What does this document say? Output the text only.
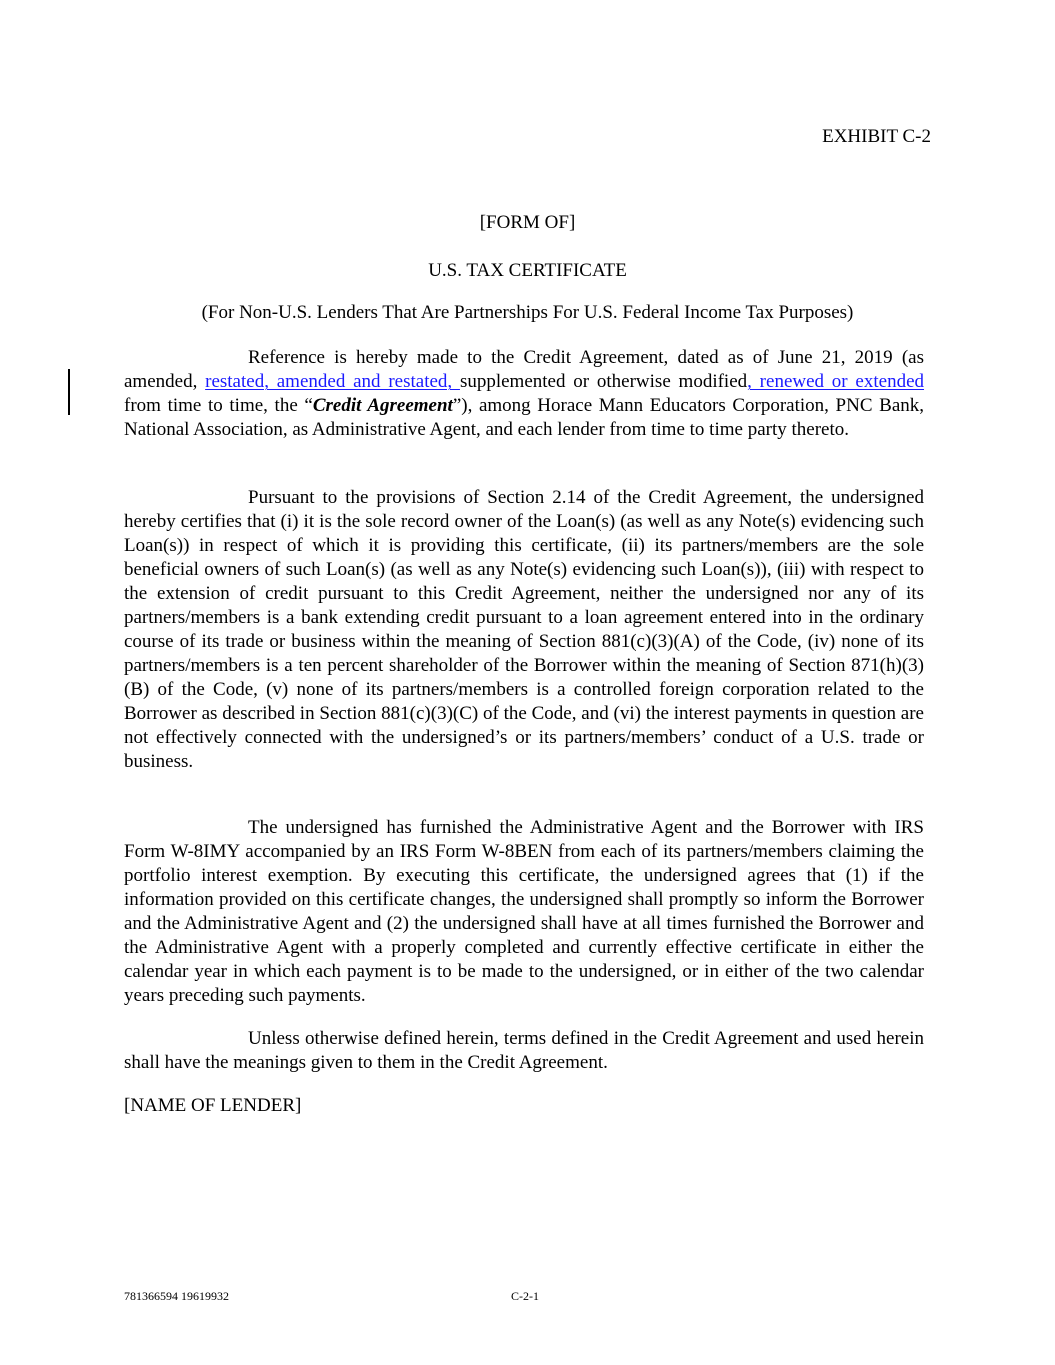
EXHIBIT C-2

[FORM OF]

U.S. TAX CERTIFICATE

(For Non-U.S. Lenders That Are Partnerships For U.S. Federal Income Tax Purposes)

Reference is hereby made to the Credit Agreement, dated as of June 21, 2019 (as amended, restated, amended and restated, supplemented or otherwise modified, renewed or extended from time to time, the “Credit Agreement”), among Horace Mann Educators Corporation, PNC Bank, National Association, as Administrative Agent, and each lender from time to time party thereto.

Pursuant to the provisions of Section 2.14 of the Credit Agreement, the undersigned hereby certifies that (i) it is the sole record owner of the Loan(s) (as well as any Note(s) evidencing such Loan(s)) in respect of which it is providing this certificate, (ii) its partners/members are the sole beneficial owners of such Loan(s) (as well as any Note(s) evidencing such Loan(s)), (iii) with respect to the extension of credit pursuant to this Credit Agreement, neither the undersigned nor any of its partners/members is a bank extending credit pursuant to a loan agreement entered into in the ordinary course of its trade or business within the meaning of Section 881(c)(3)(A) of the Code, (iv) none of its partners/members is a ten percent shareholder of the Borrower within the meaning of Section 871(h)(3)(B) of the Code, (v) none of its partners/members is a controlled foreign corporation related to the Borrower as described in Section 881(c)(3)(C) of the Code, and (vi) the interest payments in question are not effectively connected with the undersigned’s or its partners/members’ conduct of a U.S. trade or business.

The undersigned has furnished the Administrative Agent and the Borrower with IRS Form W-8IMY accompanied by an IRS Form W-8BEN from each of its partners/members claiming the portfolio interest exemption. By executing this certificate, the undersigned agrees that (1) if the information provided on this certificate changes, the undersigned shall promptly so inform the Borrower and the Administrative Agent and (2) the undersigned shall have at all times furnished the Borrower and the Administrative Agent with a properly completed and currently effective certificate in either the calendar year in which each payment is to be made to the undersigned, or in either of the two calendar years preceding such payments.

Unless otherwise defined herein, terms defined in the Credit Agreement and used herein shall have the meanings given to them in the Credit Agreement.

[NAME OF LENDER]

781366594 19619932	C-2-1
